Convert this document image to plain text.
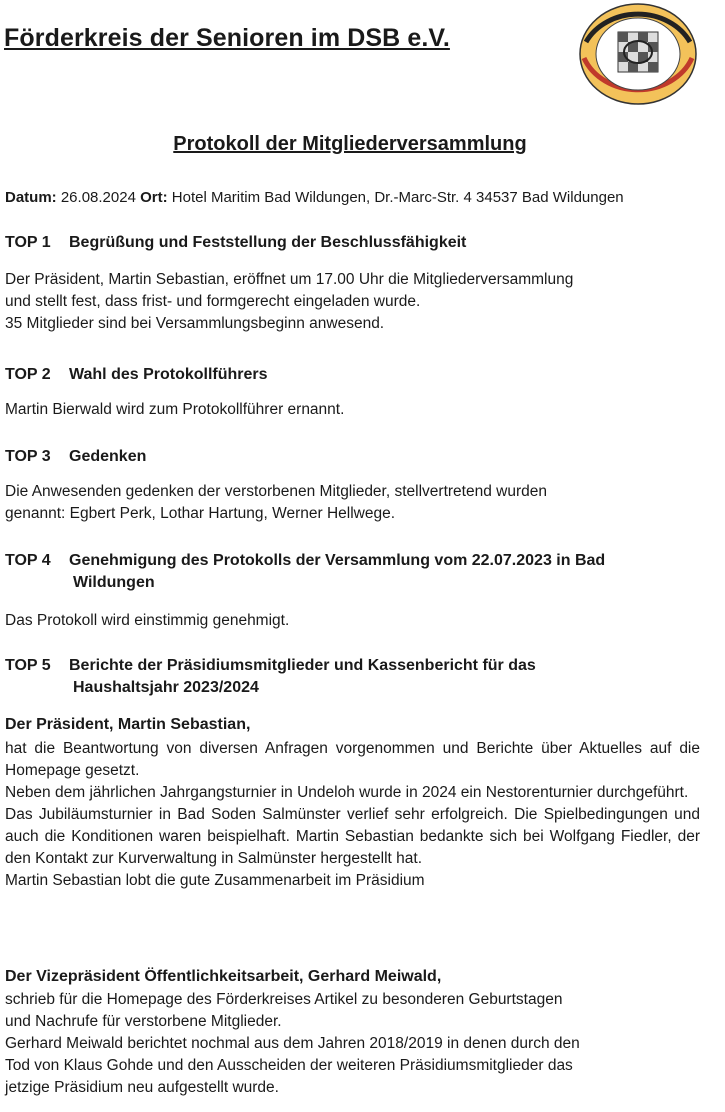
Förderkreis der Senioren im DSB e.V.
Protokoll der Mitgliederversammlung
Datum: 26.08.2024 Ort: Hotel Maritim Bad Wildungen, Dr.-Marc-Str. 4 34537 Bad Wildungen
TOP 1 Begrüßung und Feststellung der Beschlussfähigkeit
Der Präsident, Martin Sebastian, eröffnet um 17.00 Uhr die Mitgliederversammlung
und stellt fest, dass frist- und formgerecht eingeladen wurde.
35 Mitglieder sind bei Versammlungsbeginn anwesend.
TOP 2 Wahl des Protokollführers
Martin Bierwald wird zum Protokollführer ernannt.
TOP 3 Gedenken
Die Anwesenden gedenken der verstorbenen Mitglieder, stellvertretend wurden
genannt: Egbert Perk, Lothar Hartung, Werner Hellwege.
TOP 4 Genehmigung des Protokolls der Versammlung vom 22.07.2023 in Bad
Wildungen
Das Protokoll wird einstimmig genehmigt.
TOP 5 Berichte der Präsidiumsmitglieder und Kassenbericht für das
Haushaltsjahr 2023/2024
Der Präsident, Martin Sebastian,
hat die Beantwortung von diversen Anfragen vorgenommen und Berichte über Aktuelles auf die Homepage gesetzt.
Neben dem jährlichen Jahrgangsturnier in Undeloh wurde in 2024 ein Nestorenturnier durchgeführt.
Das Jubiläumsturnier in Bad Soden Salmünster verlief sehr erfolgreich. Die Spielbedingungen und auch die Konditionen waren beispielhaft. Martin Sebastian bedankte sich bei Wolfgang Fiedler, der den Kontakt zur Kurverwaltung in Salmünster hergestellt hat.
Martin Sebastian lobt die gute Zusammenarbeit im Präsidium
Der Vizepräsident Öffentlichkeitsarbeit, Gerhard Meiwald,
schrieb für die Homepage des Förderkreises Artikel zu besonderen Geburtstagen
und Nachrufe für verstorbene Mitglieder.
Gerhard Meiwald berichtet nochmal aus dem Jahren 2018/2019 in denen durch den
Tod von Klaus Gohde und den Ausscheiden der weiteren Präsidiumsmitglieder das
jetzige Präsidium neu aufgestellt wurde.
